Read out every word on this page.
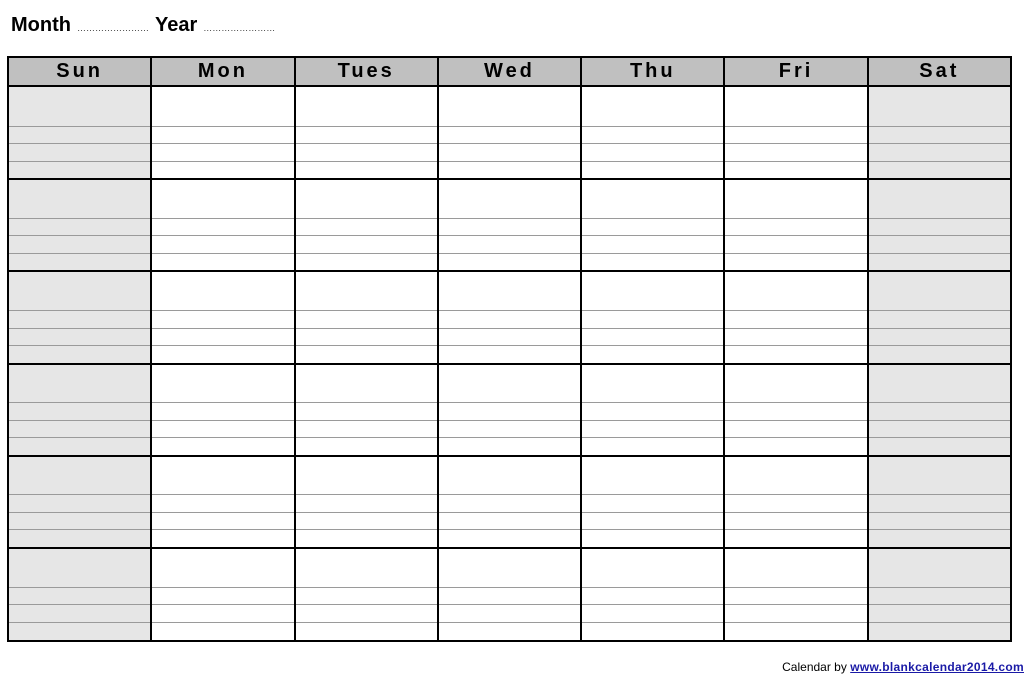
Month …………………… Year ……………………
Sun	Mon	Tues	Wed	Thu	Fri	Sat
Calendar by www.blankcalendar2014.com
